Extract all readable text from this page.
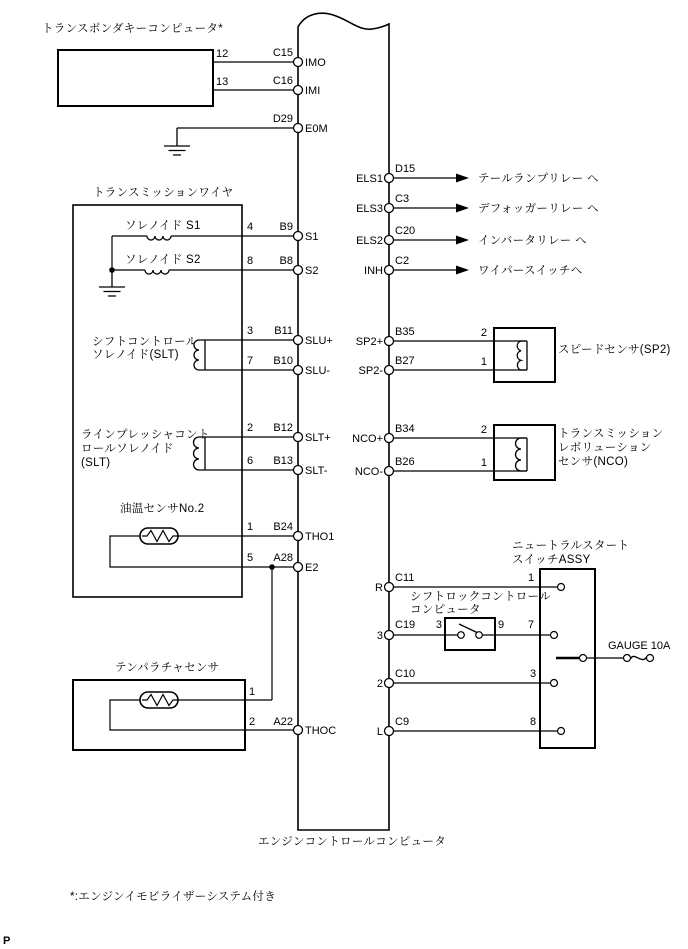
トランスポンダキーコンピュータ*
12	C15
IMO
13	C16
IMI
D29
E0M
ELS1
D15
テールランプリレー へ
ELS3
C3
デフォッガーリレー へ
ELS2
C20
インバータリレー へ
INH
C2
ワイパースイッチへ
トランスミッションワイヤ
ソレノイド S1	4 B9
S1
ソレノイド S2	8 B8
S2
シフトコントロール
ソレノイド(SLT)
3 B11
SLU+
7 B10
SLU-
ラインプレッシャコント
ロールソレノイド
(SLT)
2 B12
SLT+
6 B13
SLT-
油温センサNo.2
1 B24
THO1
5 A28
E2
SP2+
B35	2
SP2-
B27	1
スピードセンサ(SP2)
NCO+
B34	2
NCO-
B26	1
トランスミッション
レボリューション
センサ(NCO)
テンパラチャセンサ
1
2 A22
THOC
ニュートラルスタート
スイッチASSY
R
C11	1
3
C19	7
2
C10	3
L
C9	8
シフトロックコントロール
コンピュータ
3	9
GAUGE 10A
エンジンコントロールコンピュータ
*:エンジンイモビライザーシステム付き
P
